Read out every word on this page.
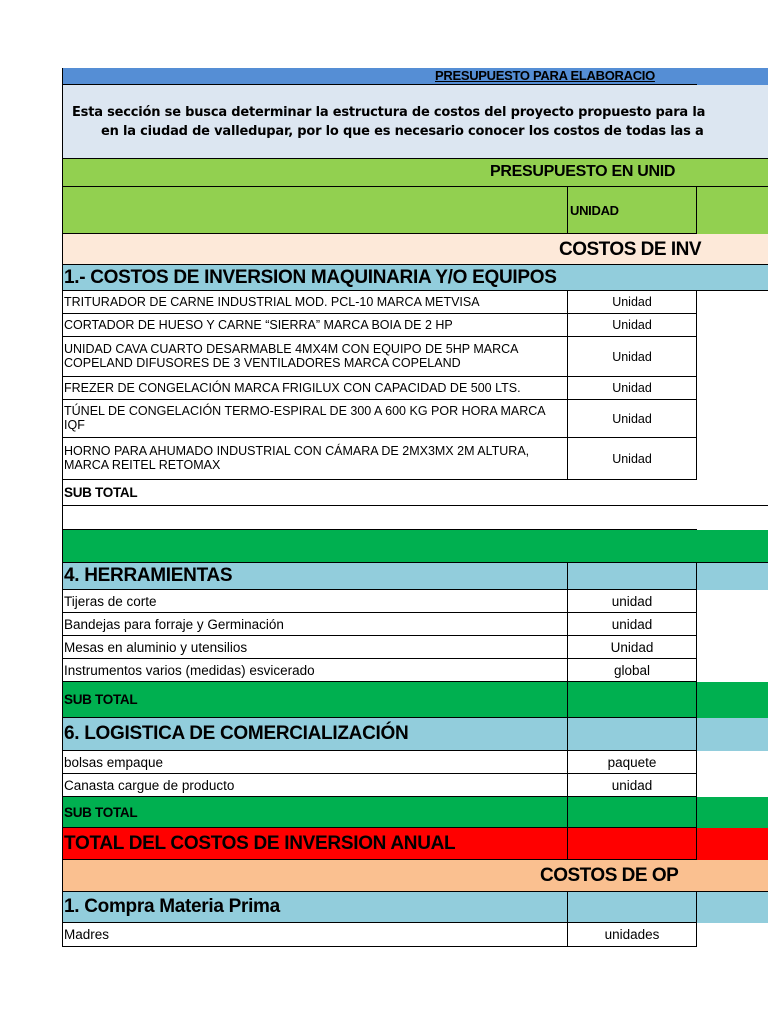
PRESUPUESTO PARA ELABORACIO
Esta sección se busca determinar la estructura de costos del proyecto propuesto para la
en la ciudad de valledupar, por lo que es necesario conocer los costos de todas las a
PRESUPUESTO EN UNID
UNIDAD
COSTOS DE INV
1.- COSTOS DE INVERSION MAQUINARIA Y/O EQUIPOS
TRITURADOR DE CARNE INDUSTRIAL MOD. PCL-10 MARCA METVISA	Unidad
CORTADOR DE HUESO Y CARNE “SIERRA” MARCA BOIA DE 2 HP	Unidad
UNIDAD CAVA CUARTO DESARMABLE 4MX4M CON EQUIPO DE 5HP MARCA COPELAND DIFUSORES DE 3 VENTILADORES MARCA COPELAND	Unidad
FREZER DE CONGELACIÓN MARCA FRIGILUX CON CAPACIDAD DE 500 LTS.	Unidad
TÚNEL DE CONGELACIÓN TERMO-ESPIRAL DE 300 A 600 KG POR HORA MARCA IQF	Unidad
HORNO PARA AHUMADO INDUSTRIAL CON CÁMARA DE 2MX3MX 2M ALTURA, MARCA REITEL RETOMAX	Unidad
SUB TOTAL
4. HERRAMIENTAS
Tijeras de corte	unidad
Bandejas para forraje y Germinación	unidad
Mesas en aluminio y utensilios	Unidad
Instrumentos varios (medidas) esvicerado	global
SUB TOTAL
6. LOGISTICA DE COMERCIALIZACIÓN
bolsas empaque	paquete
Canasta cargue de producto	unidad
SUB TOTAL
TOTAL DEL COSTOS DE INVERSION ANUAL
COSTOS DE OP
1. Compra Materia Prima
Madres	unidades
